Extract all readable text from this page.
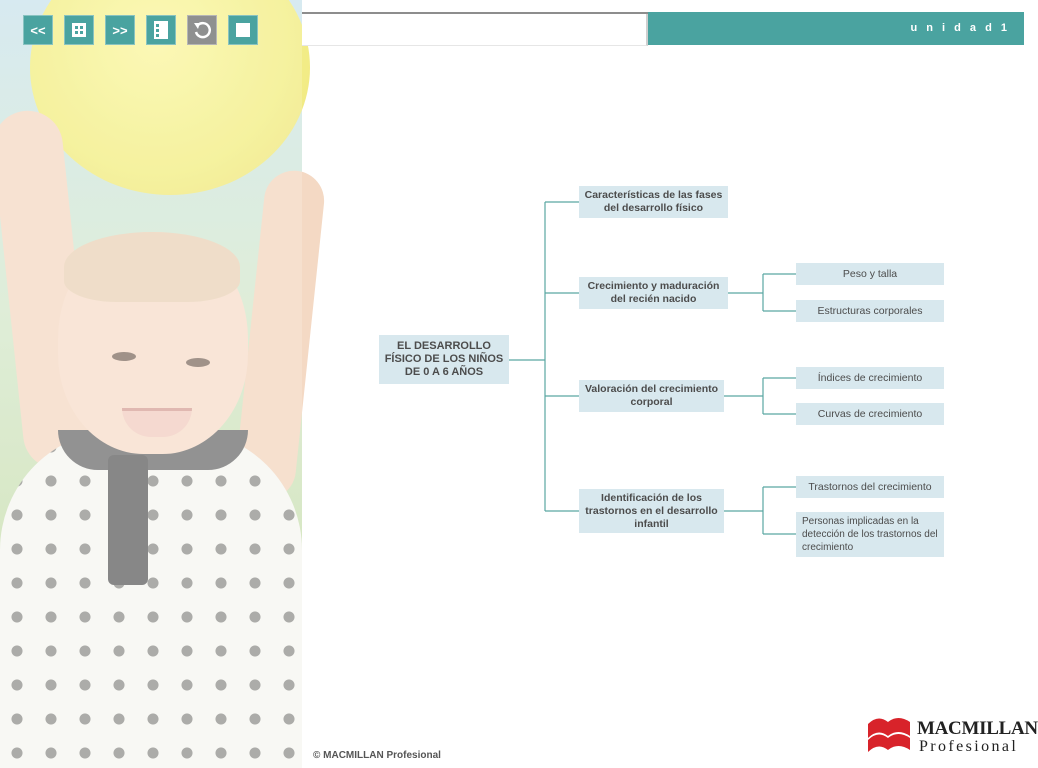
<<	>>	u n i d a d 1
EL DESARROLLO FÍSICO DE LOS NIÑOS DE 0 A 6 AÑOS
Características de las fases del desarrollo físico
Crecimiento y maduración del recién nacido
Valoración del crecimiento corporal
Identificación de los trastornos en el desarrollo infantil
Peso y talla
Estructuras corporales
Índices de crecimiento
Curvas de crecimiento
Trastornos del crecimiento
Personas implicadas en la detección de los trastornos del crecimiento
© MACMILLAN Profesional
MACMILLAN
Profesional
